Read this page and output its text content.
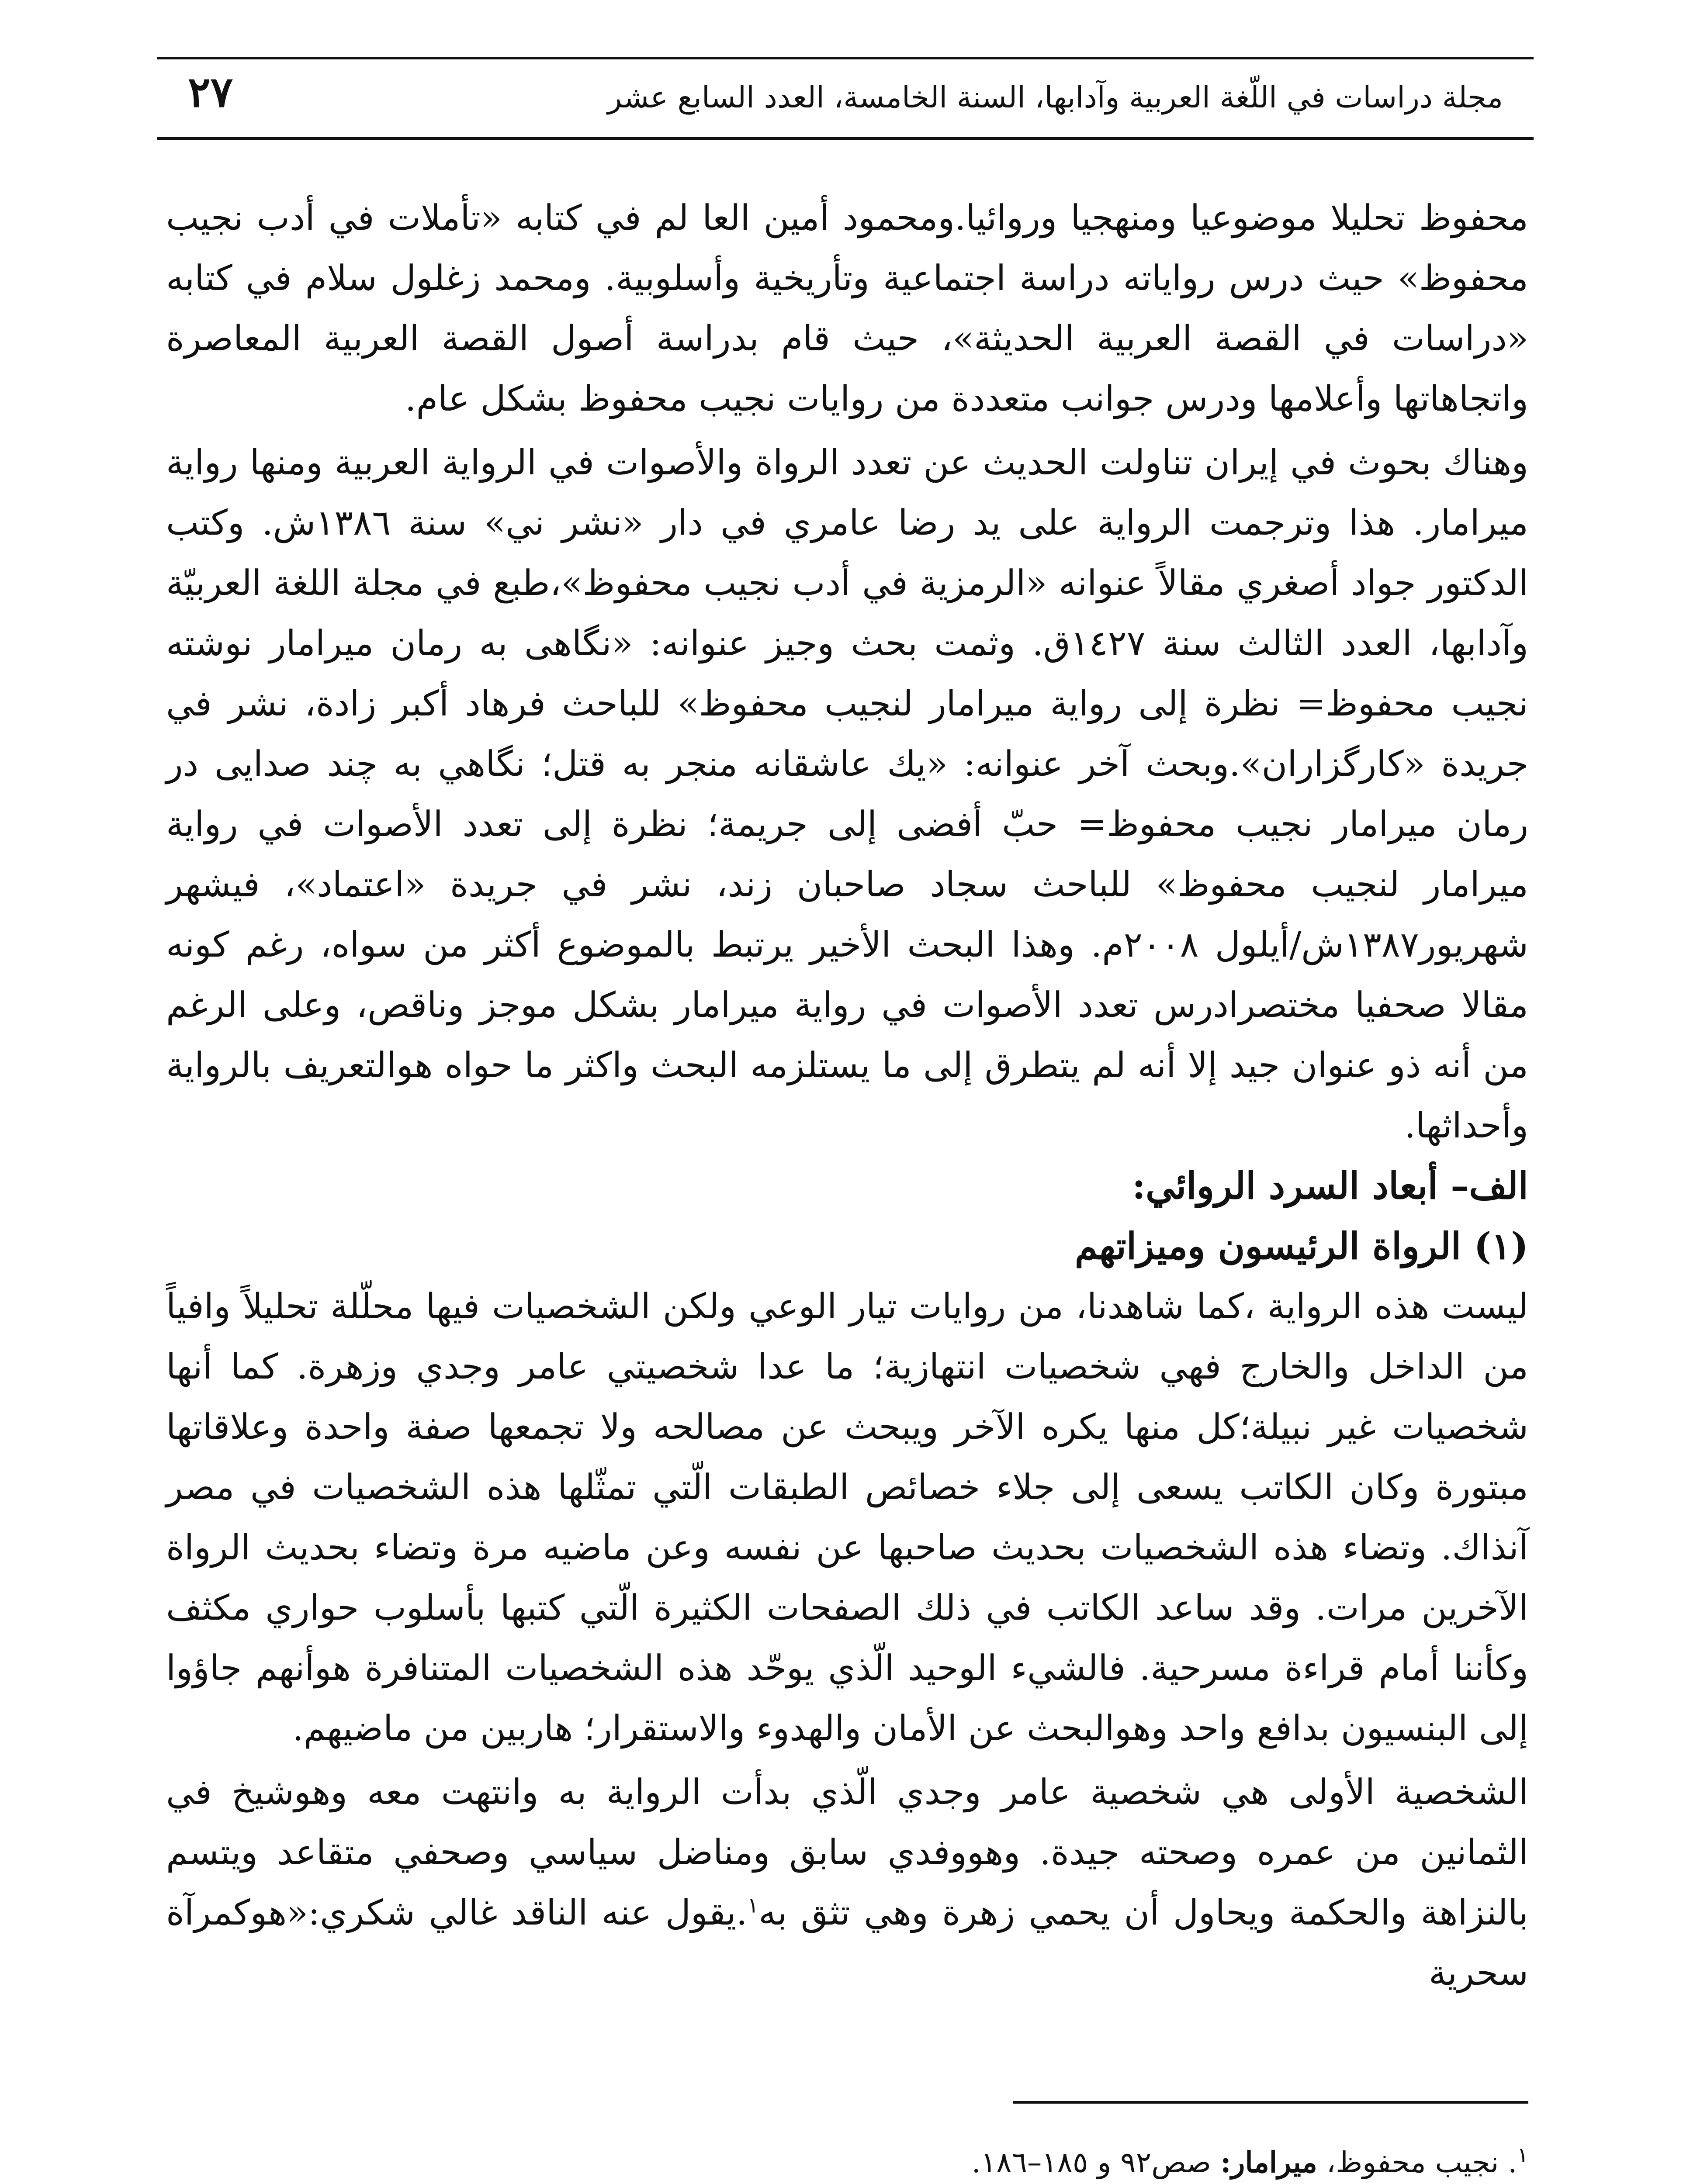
٢٧	مجلة دراسات في اللّغة العربية وآدابها، السنة الخامسة، العدد السابع عشر

محفوظ تحليلا موضوعيا ومنهجيا وروائيا.ومحمود أمين العا لم في كتابه «تأملات في أدب نجيب محفوظ» حيث درس رواياته دراسة اجتماعية وتأريخية وأسلوبية. ومحمد زغلول سلام في كتابه «دراسات في القصة العربية الحديثة»، حيث قام بدراسة أصول القصة العربية المعاصرة واتجاهاتها وأعلامها ودرس جوانب متعددة من روايات نجيب محفوظ بشكل عام.

وهناك بحوث في إيران تناولت الحديث عن تعدد الرواة والأصوات في الرواية العربية ومنها رواية ميرامار. هذا وترجمت الرواية على يد رضا عامري في دار «نشر ني» سنة ١٣٨٦ش. وكتب الدكتور جواد أصغري مقالاً عنوانه «الرمزية في أدب نجيب محفوظ»،طبع في مجلة اللغة العربيّة وآدابها، العدد الثالث سنة ١٤٢٧ق. وثمت بحث وجيز عنوانه: «نگاهی به رمان میرامار نوشته نجیب محفوظ= نظرة إلى رواية ميرامار لنجيب محفوظ» للباحث فرهاد أكبر زادة، نشر في جريدة «كارگزاران».وبحث آخر عنوانه: «يك عاشقانه منجر به قتل؛ نگاهي به چند صدايى در رمان ميرامار نجيب محفوظ= حبّ أفضى إلى جريمة؛ نظرة إلى تعدد الأصوات في رواية ميرامار لنجيب محفوظ» للباحث سجاد صاحبان زند، نشر في جريدة «اعتماد»، فيشهر شهريور١٣٨٧ش/أيلول ٢٠٠٨م. وهذا البحث الأخير يرتبط بالموضوع أكثر من سواه، رغم كونه مقالا صحفيا مختصرادرس تعدد الأصوات في رواية ميرامار بشكل موجز وناقص، وعلى الرغم من أنه ذو عنوان جيد إلا أنه لم يتطرق إلى ما يستلزمه البحث واكثر ما حواه هوالتعريف بالرواية وأحداثها.

الف– أبعاد السرد الروائي:
(١) الرواة الرئيسون وميزاتهم

ليست هذه الرواية ،كما شاهدنا، من روايات تيار الوعي ولكن الشخصيات فيها محلّلة تحليلاً وافياً من الداخل والخارج فهي شخصيات انتهازية؛ ما عدا شخصيتي عامر وجدي وزهرة. كما أنها شخصيات غير نبيلة؛كل منها يكره الآخر ويبحث عن مصالحه ولا تجمعها صفة واحدة وعلاقاتها مبتورة وكان الكاتب يسعى إلى جلاء خصائص الطبقات الّتي تمثّلها هذه الشخصيات في مصر آنذاك. وتضاء هذه الشخصيات بحديث صاحبها عن نفسه وعن ماضيه مرة وتضاء بحديث الرواة الآخرين مرات. وقد ساعد الكاتب في ذلك الصفحات الكثيرة الّتي كتبها بأسلوب حواري مكثف وكأننا أمام قراءة مسرحية. فالشيء الوحيد الّذي يوحّد هذه الشخصيات المتنافرة هوأنهم جاؤوا إلى البنسيون بدافع واحد وهوالبحث عن الأمان والهدوء والاستقرار؛ هاربين من ماضيهم.

الشخصية الأولى هي شخصية عامر وجدي الّذي بدأت الرواية به وانتهت معه وهوشيخ في الثمانين من عمره وصحته جيدة. وهووفدي سابق ومناضل سياسي وصحفي متقاعد ويتسم بالنزاهة والحكمة ويحاول أن يحمي زهرة وهي تثق به$^١$.يقول عنه الناقد غالي شكري:«هوكمرآة سحرية

$^١$. نجيب محفوظ، ميرامار: صص٩٢ و ١٨٥–١٨٦.
